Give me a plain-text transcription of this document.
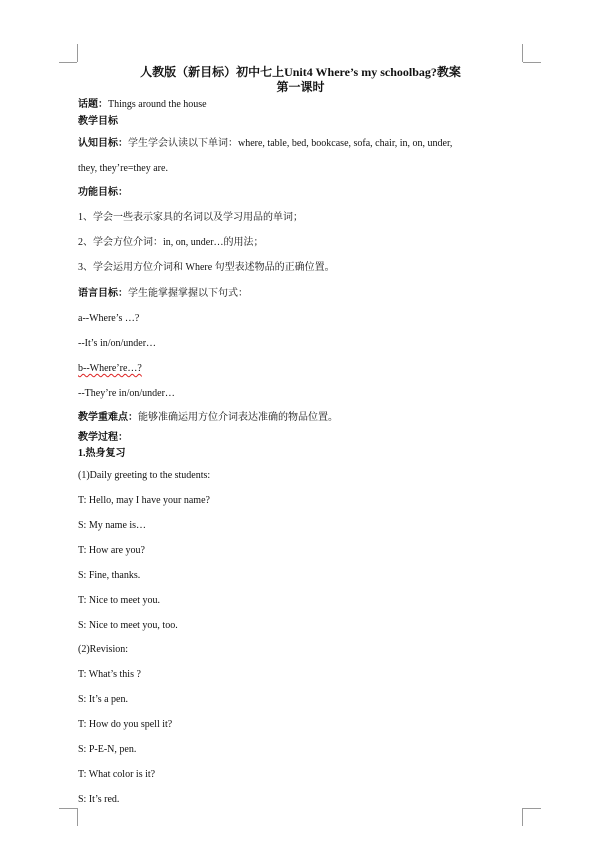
人教版（新目标）初中七上Unit4 Where’s my schoolbag?教案
第一课时
话题：Things around the house
教学目标
认知目标：学生学会认读以下单词：where, table, bed, bookcase, sofa, chair, in, on, under,
they, they’re=they are.
功能目标：
1、学会一些表示家具的名词以及学习用品的单词；
2、学会方位介词：in, on, under…的用法；
3、学会运用方位介词和 Where 句型表述物品的正确位置。
语言目标：学生能掌握掌握以下句式：
a--Where’s …?
--It’s in/on/under…
b--Where’re…?
--They’re in/on/under…
教学重难点：能够准确运用方位介词表达准确的物品位置。
教学过程：
1.热身复习
(1)Daily greeting to the students:
T: Hello, may I have your name?
S: My name is…
T: How are you?
S: Fine, thanks.
T: Nice to meet you.
S: Nice to meet you, too.
(2)Revision:
T: What’s this ?
S: It’s a pen.
T: How do you spell it?
S: P-E-N, pen.
T: What color is it?
S: It’s red.
